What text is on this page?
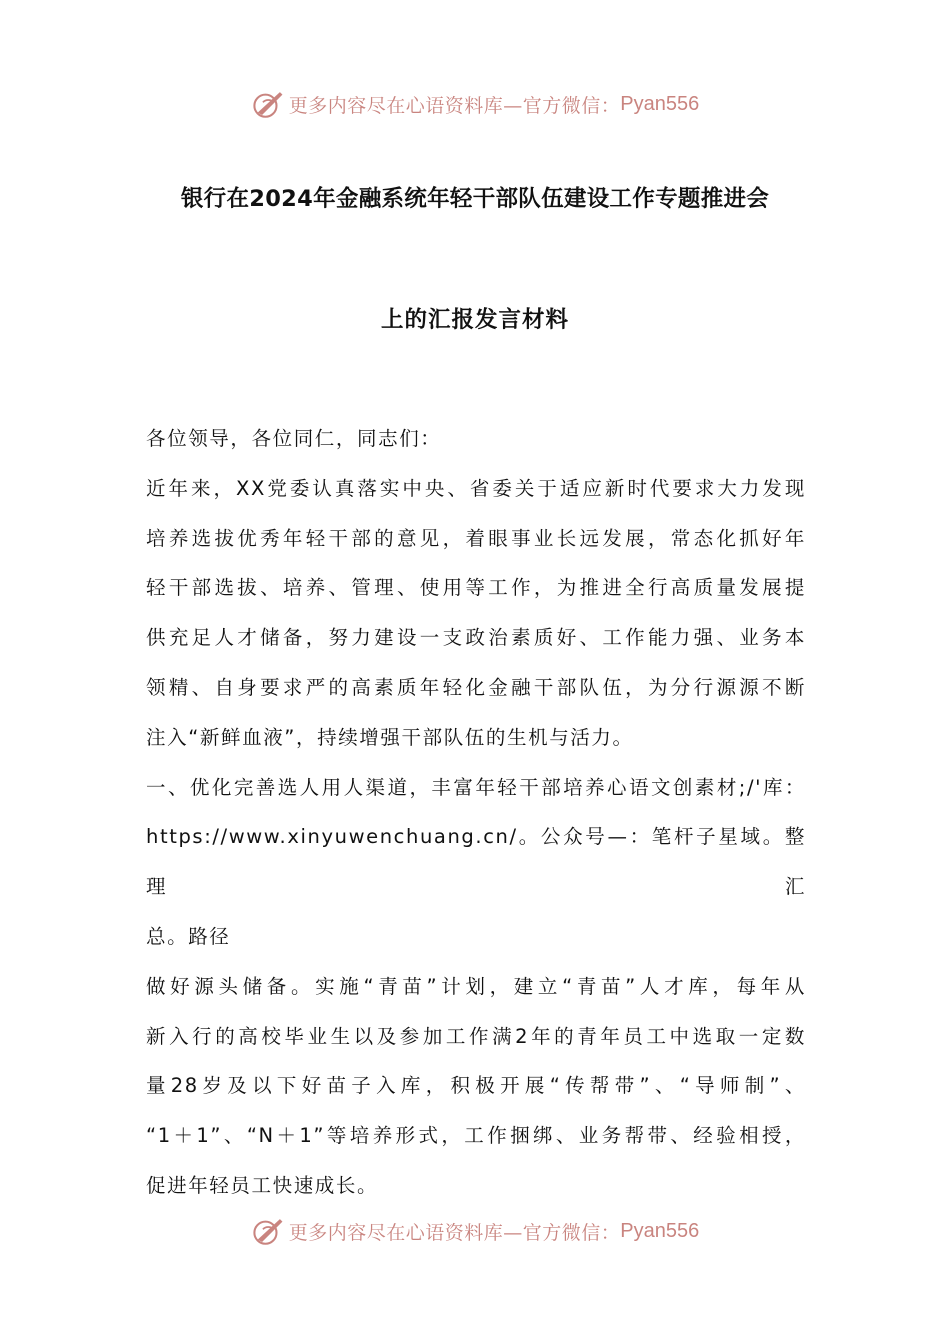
更多内容尽在心语资料库—官方微信： Pyan556
银行在2024年金融系统年轻干部队伍建设工作专题推进会
上的汇报发言材料

各位领导，各位同仁，同志们：

近年来，XX党委认真落实中央、省委关于适应新时代要求大力发现

培养选拔优秀年轻干部的意见，着眼事业长远发展，常态化抓好年

轻干部选拔、培养、管理、使用等工作，为推进全行高质量发展提

供充足人才储备，努力建设一支政治素质好、工作能力强、业务本

领精、自身要求严的高素质年轻化金融干部队伍，为分行源源不断

注入“新鲜血液”，持续增强干部队伍的生机与活力。

一、优化完善选人用人渠道，丰富年轻干部培养心语文创素材;/'库：

https://www.xinyuwenchuang.cn/。公众号—：笔杆子星域。整理汇

总。路径

做好源头储备。实施“青苗”计划，建立“青苗”人才库，每年从

新入行的高校毕业生以及参加工作满2年的青年员工中选取一定数

量28岁及以下好苗子入库，积极开展“传帮带”、“导师制”、

“1＋1”、“N＋1”等培养形式，工作捆绑、业务帮带、经验相授，

促进年轻员工快速成长。

更多内容尽在心语资料库—官方微信： Pyan556
